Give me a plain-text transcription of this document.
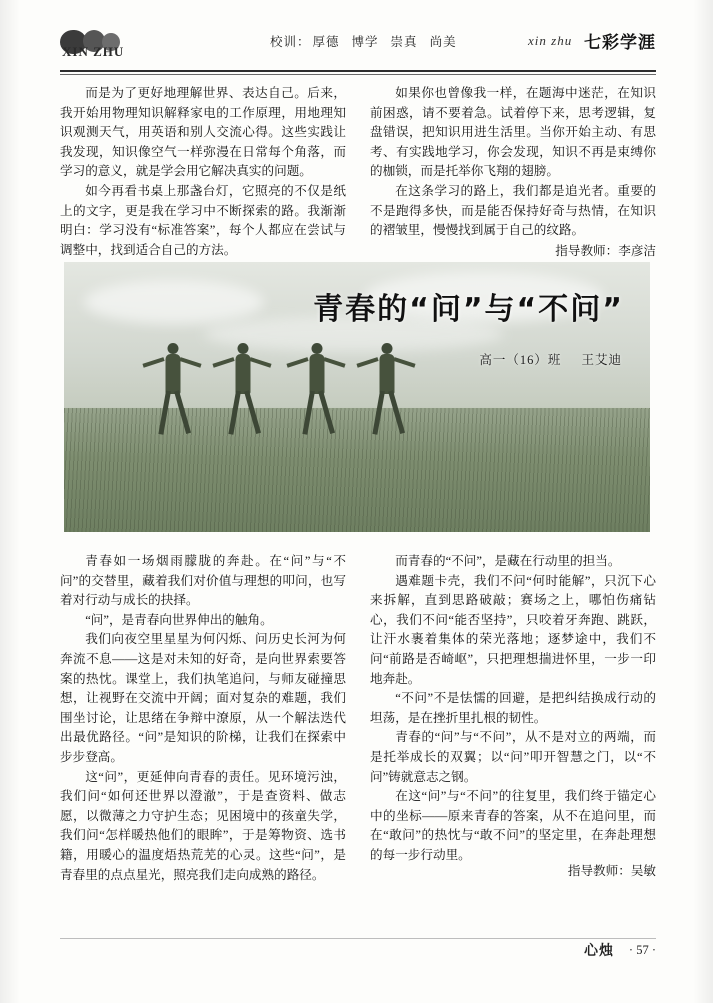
XIN ZHU
校训： 厚德 博学 崇真 尚美	xin zhu 七彩学涯

而是为了更好地理解世界、表达自己。后来，我开始用物理知识解释家电的工作原理，用地理知识观测天气，用英语和别人交流心得。这些实践让我发现，知识像空气一样弥漫在日常每个角落，而学习的意义，就是学会用它解决真实的问题。

如今再看书桌上那盏台灯，它照亮的不仅是纸上的文字，更是我在学习中不断探索的路。我渐渐明白：学习没有“标准答案”，每个人都应在尝试与调整中，找到适合自己的方法。

如果你也曾像我一样，在题海中迷茫，在知识前困惑，请不要着急。试着停下来，思考逻辑，复盘错误，把知识用进生活里。当你开始主动、有思考、有实践地学习，你会发现，知识不再是束缚你的枷锁，而是托举你飞翔的翅膀。

在这条学习的路上，我们都是追光者。重要的不是跑得多快，而是能否保持好奇与热情，在知识的褶皱里，慢慢找到属于自己的纹路。

指导教师：李彦洁
青春的“问”与“不问”
高一（16）班 王艾迪

青春如一场烟雨朦胧的奔赴。在“问”与“不问”的交替里，藏着我们对价值与理想的叩问，也写着对行动与成长的抉择。

“问”，是青春向世界伸出的触角。

我们向夜空里星星为何闪烁、问历史长河为何奔流不息——这是对未知的好奇，是向世界索要答案的热忱。课堂上，我们执笔追问，与师友碰撞思想，让视野在交流中开阔；面对复杂的难题，我们围坐讨论，让思绪在争辩中潦原，从一个解法迭代出最优路径。“问”是知识的阶梯，让我们在探索中步步登高。

这“问”，更延伸向青春的责任。见环境污浊，我们问“如何还世界以澄澈”，于是查资料、做志愿，以微薄之力守护生态；见困境中的孩童失学，我们问“怎样暖热他们的眼眸”，于是筹物资、选书籍，用暖心的温度焐热荒芜的心灵。这些“问”，是青春里的点点星光，照亮我们走向成熟的路径。

而青春的“不问”，是藏在行动里的担当。

遇难题卡壳，我们不问“何时能解”，只沉下心来拆解，直到思路破敲；赛场之上，哪怕伤痛钻心，我们不问“能否坚持”，只咬着牙奔跑、跳跃，让汗水裹着集体的荣光落地；逐梦途中，我们不问“前路是否崎岖”，只把理想揣进怀里，一步一印地奔赴。

“不问”不是怯懦的回避，是把纠结换成行动的坦荡，是在挫折里扎根的韧性。

青春的“问”与“不问”，从不是对立的两端，而是托举成长的双翼；以“问”叩开智慧之门，以“不问”铸就意志之钢。

在这“问”与“不问”的往复里，我们终于锚定心中的坐标——原来青春的答案，从不在追问里，而在“敢问”的热忱与“敢不问”的坚定里，在奔赴理想的每一步行动里。

指导教师：吴敏
心烛 · 57 ·
